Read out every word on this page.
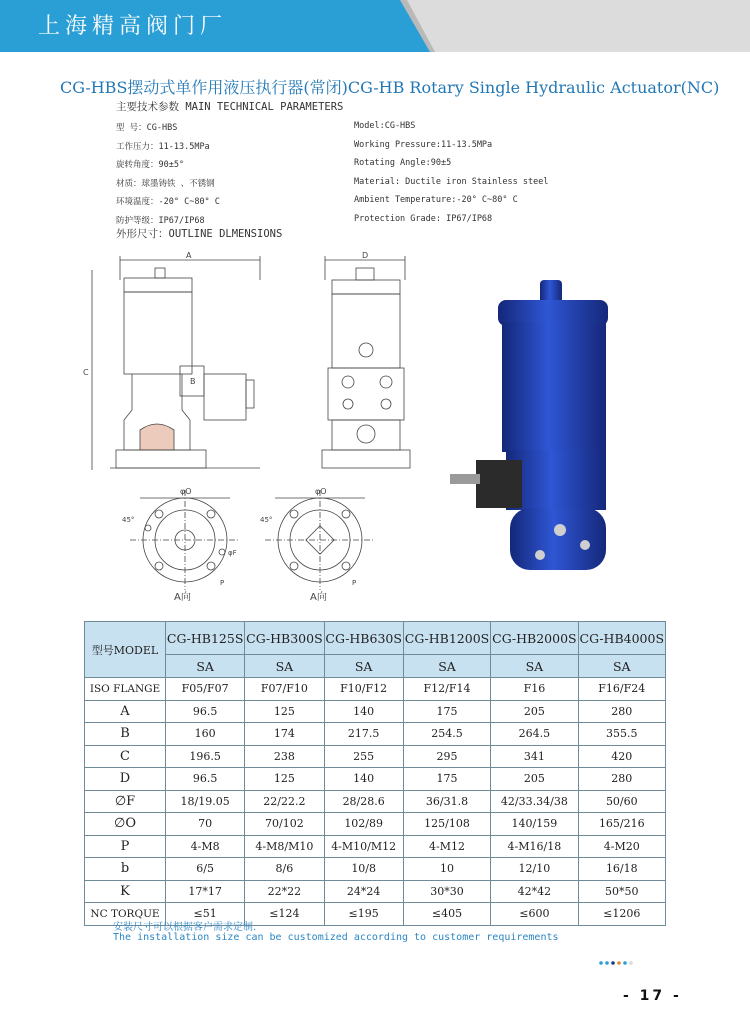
上海精高阀门厂
CG-HBS摆动式单作用液压执行器(常闭)CG-HB Rotary Single Hydraulic Actuator(NC)
主要技术参数 MAIN TECHNICAL PARAMETERS
型 号：CG-HBS	Model:CG-HBS
工作压力：11-13.5MPa	Working Pressure:11-13.5MPa
旋转角度：90±5°	Rotating Angle:90±5
材质：球墨铸铁 、不锈钢	Material: Ductile iron Stainless steel
环境温度：-20° C~80° C	Ambient Temperature:-20° C~80° C
防护等级：IP67/IP68	Protection Grade: IP67/IP68
外形尺寸：OUTLINE DLMENSIONS
A
C
B
D
φO
45°
φF
P
A向
φO
45°
P
A向
型号MODEL	CG-HB125S	CG-HB300S	CG-HB630S	CG-HB1200S	CG-HB2000S	CG-HB4000S
	SA	SA	SA	SA	SA	SA
ISO FLANGE	F05/F07	F07/F10	F10/F12	F12/F14	F16	F16/F24
A	96.5	125	140	175	205	280
B	160	174	217.5	254.5	264.5	355.5
C	196.5	238	255	295	341	420
D	96.5	125	140	175	205	280
∅F	18/19.05	22/22.2	28/28.6	36/31.8	42/33.34/38	50/60
∅O	70	70/102	102/89	125/108	140/159	165/216
P	4-M8	4-M8/M10	4-M10/M12	4-M12	4-M16/18	4-M20
b	6/5	8/6	10/8	10	12/10	16/18
K	17*17	22*22	24*24	30*30	42*42	50*50
NC TORQUE	≤51	≤124	≤195	≤405	≤600	≤1206
安装尺寸可以根据客户需求定制.
The installation size can be customized according to customer requirements
- 17 -
